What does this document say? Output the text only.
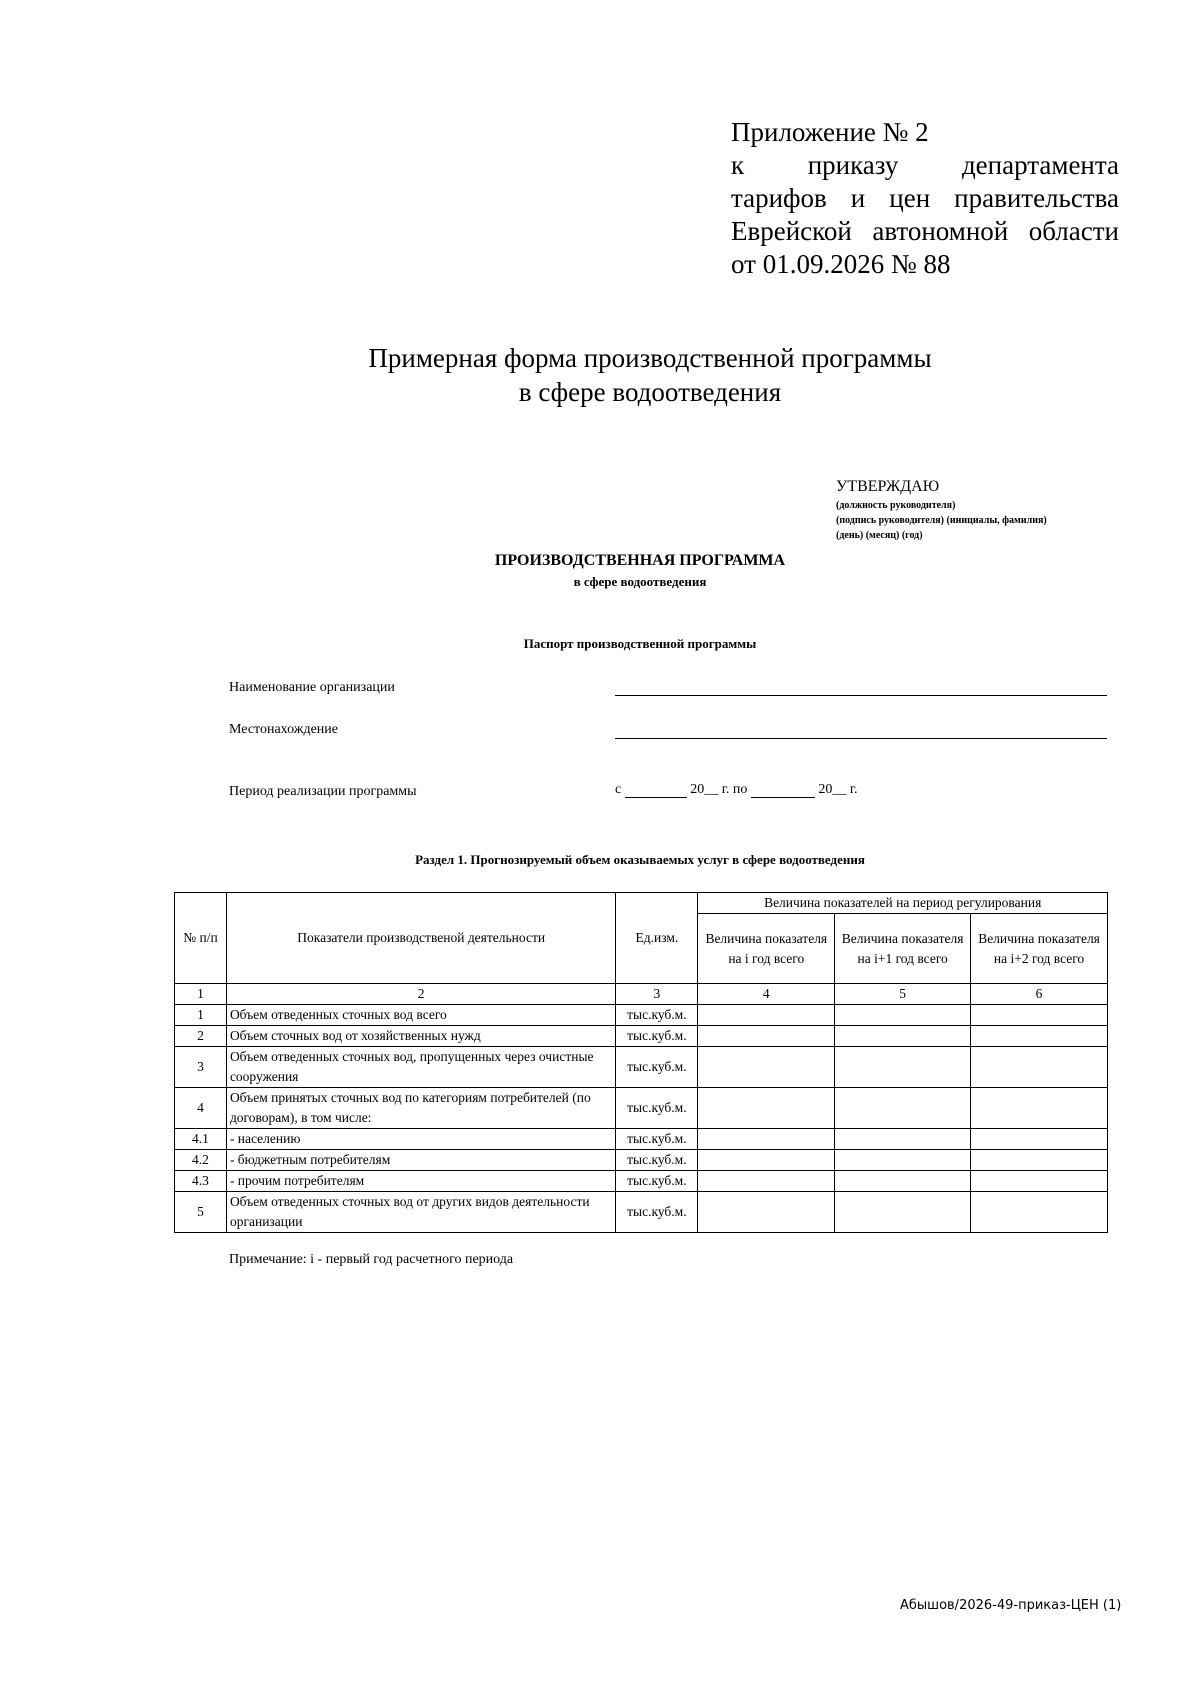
Приложение № 2
к приказу департамента
тарифов и цен правительства
Еврейской автономной области
от 01.09.2026 № 88
Примерная форма производственной программы
в сфере водоотведения
УТВЕРЖДАЮ
(должность руководителя)
(подпись руководителя) (инициалы, фамилия)
(день) (месяц) (год)
ПРОИЗВОДСТВЕННАЯ ПРОГРАММА
в сфере водоотведения
Паспорт производственной программы
Наименование организации
Местонахождение
Период реализации программы	с	20__ г. по	20__ г.
Раздел 1. Прогнозируемый объем оказываемых услуг в сфере водоотведения
№ п/п	Показатели производственой деятельности	Ед.изм.	Величина показателей на период регулирования		
			Величина показателя на i год всего	Величина показателя на i+1 год всего	Величина показателя на i+2 год всего
1	2	3	4	5	6
1	Объем отведенных сточных вод всего	тыс.куб.м.			
2	Объем сточных вод от хозяйственных нужд	тыс.куб.м.			
3	Объем отведенных сточных вод, пропущенных через очистные сооружения	тыс.куб.м.			
4	Объем принятых сточных вод по категориям потребителей (по договорам), в том числе:	тыс.куб.м.			
4.1	- населению	тыс.куб.м.			
4.2	- бюджетным потребителям	тыс.куб.м.			
4.3	- прочим потребителям	тыс.куб.м.			
5	Объем отведенных сточных вод от других видов деятельности организации	тыс.куб.м.			
Примечание: i - первый год расчетного периода
Абышов/2026-49-приказ-ЦЕН (1)
